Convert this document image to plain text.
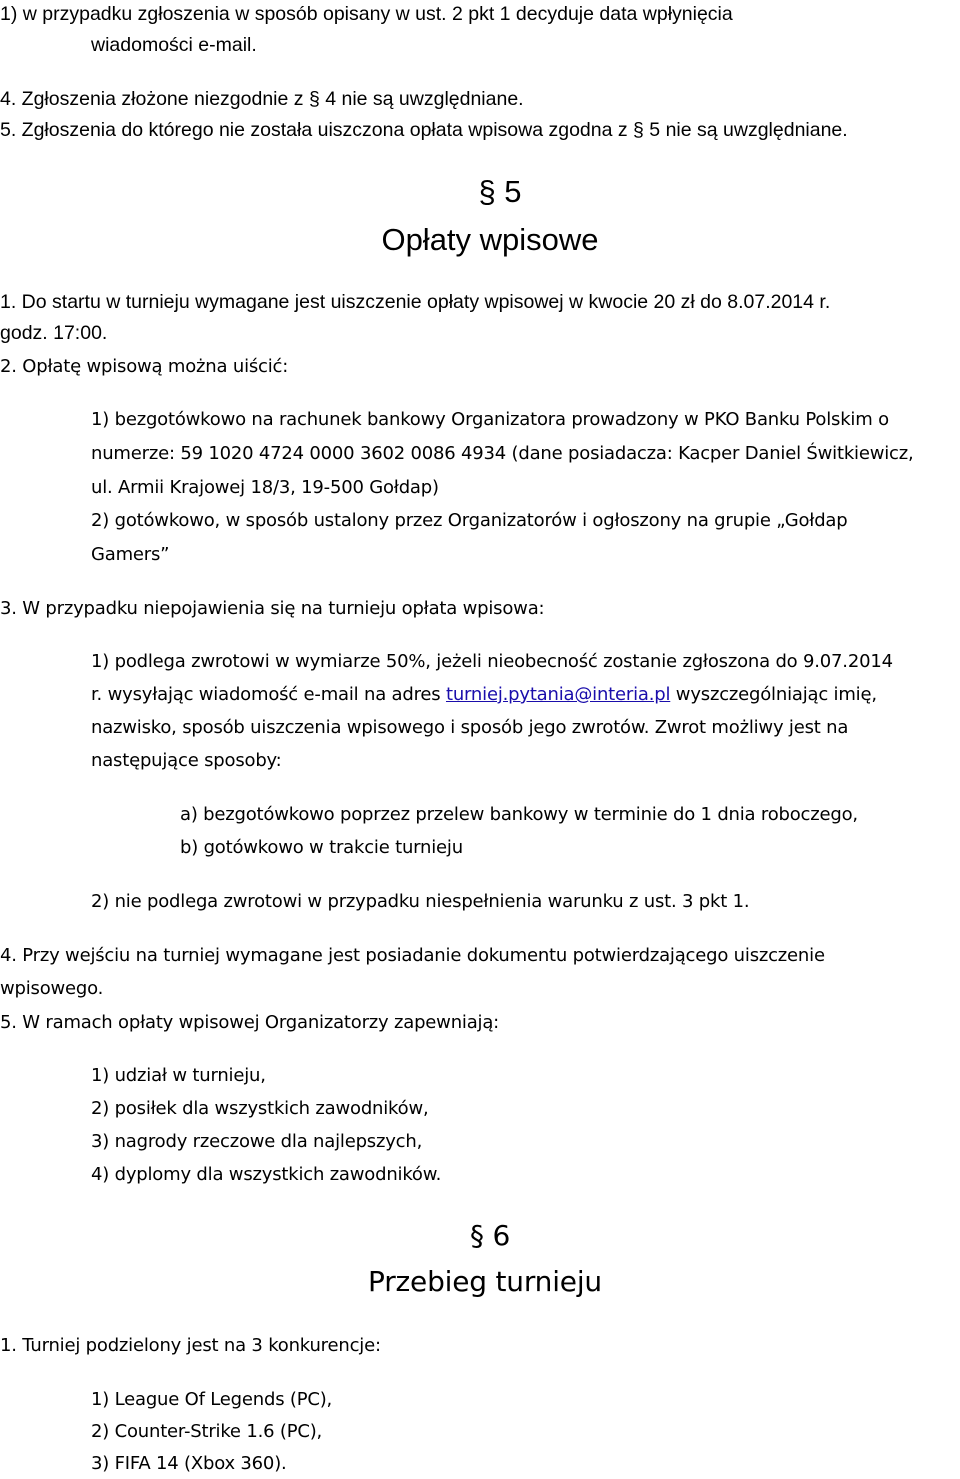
1) w przypadku zgłoszenia w sposób opisany w ust. 2 pkt 1 decyduje data wpłynięcia
wiadomości e-mail.
4. Zgłoszenia złożone niezgodnie z § 4 nie są uwzględniane.
5. Zgłoszenia do którego nie została uiszczona opłata wpisowa zgodna z § 5 nie są uwzględniane.
§ 5
Opłaty wpisowe
1. Do startu w turnieju wymagane jest uiszczenie opłaty wpisowej w kwocie 20 zł do 8.07.2014 r.
godz. 17:00.
2. Opłatę wpisową można uiścić:
1) bezgotówkowo na rachunek bankowy Organizatora prowadzony w PKO Banku Polskim o
numerze: 59 1020 4724 0000 3602 0086 4934 (dane posiadacza: Kacper Daniel Świtkiewicz,
ul. Armii Krajowej 18/3, 19-500 Gołdap)
2) gotówkowo, w sposób ustalony przez Organizatorów i ogłoszony na grupie „Gołdap
Gamers”
3. W przypadku niepojawienia się na turnieju opłata wpisowa:
1) podlega zwrotowi w wymiarze 50%, jeżeli nieobecność zostanie zgłoszona do 9.07.2014
r. wysyłając wiadomość e-mail na adres turniej.pytania@interia.pl wyszczególniając imię,
nazwisko, sposób uiszczenia wpisowego i sposób jego zwrotów. Zwrot możliwy jest na
następujące sposoby:
a) bezgotówkowo poprzez przelew bankowy w terminie do 1 dnia roboczego,
b) gotówkowo w trakcie turnieju
2) nie podlega zwrotowi w przypadku niespełnienia warunku z ust. 3 pkt 1.
4. Przy wejściu na turniej wymagane jest posiadanie dokumentu potwierdzającego uiszczenie
wpisowego.
5. W ramach opłaty wpisowej Organizatorzy zapewniają:
1) udział w turnieju,
2) posiłek dla wszystkich zawodników,
3) nagrody rzeczowe dla najlepszych,
4) dyplomy dla wszystkich zawodników.
§ 6
Przebieg turnieju
1. Turniej podzielony jest na 3 konkurencje:
1) League Of Legends (PC),
2) Counter-Strike 1.6 (PC),
3) FIFA 14 (Xbox 360).
